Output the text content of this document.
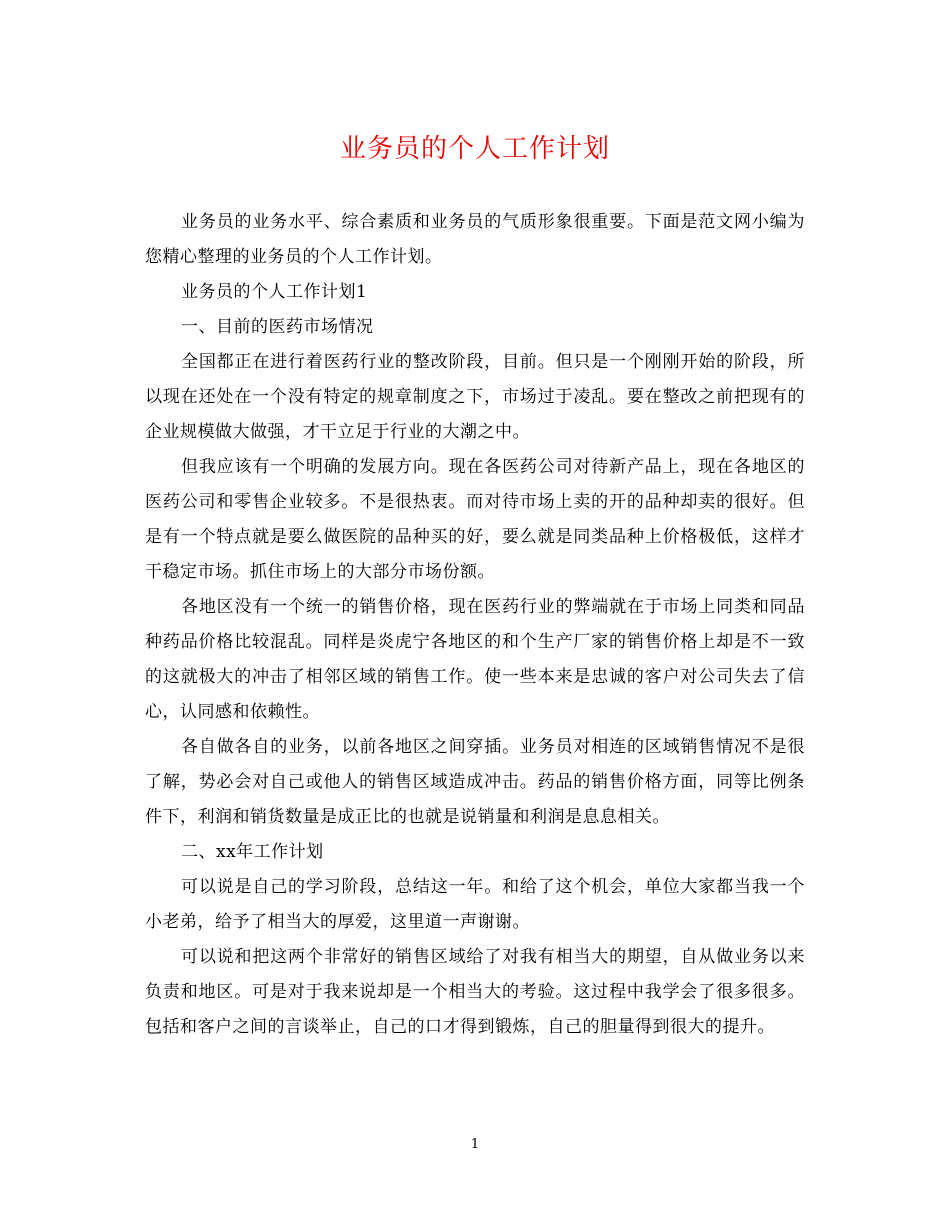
业务员的个人工作计划

业务员的业务水平、综合素质和业务员的气质形象很重要。下面是范文网小编为您精心整理的业务员的个人工作计划。

业务员的个人工作计划1

一、目前的医药市场情况

全国都正在进行着医药行业的整改阶段，目前。但只是一个刚刚开始的阶段，所以现在还处在一个没有特定的规章制度之下，市场过于凌乱。要在整改之前把现有的企业规模做大做强，才干立足于行业的大潮之中。

但我应该有一个明确的发展方向。现在各医药公司对待新产品上，现在各地区的医药公司和零售企业较多。不是很热衷。而对待市场上卖的开的品种却卖的很好。但是有一个特点就是要么做医院的品种买的好，要么就是同类品种上价格极低，这样才干稳定市场。抓住市场上的大部分市场份额。

各地区没有一个统一的销售价格，现在医药行业的弊端就在于市场上同类和同品种药品价格比较混乱。同样是炎虎宁各地区的和个生产厂家的销售价格上却是不一致的这就极大的冲击了相邻区域的销售工作。使一些本来是忠诚的客户对公司失去了信心，认同感和依赖性。

各自做各自的业务，以前各地区之间穿插。业务员对相连的区域销售情况不是很了解，势必会对自己或他人的销售区域造成冲击。药品的销售价格方面，同等比例条件下，利润和销货数量是成正比的也就是说销量和利润是息息相关。

二、xx年工作计划

可以说是自己的学习阶段，总结这一年。和给了这个机会，单位大家都当我一个小老弟，给予了相当大的厚爱，这里道一声谢谢。

可以说和把这两个非常好的销售区域给了对我有相当大的期望，自从做业务以来负责和地区。可是对于我来说却是一个相当大的考验。这过程中我学会了很多很多。包括和客户之间的言谈举止，自己的口才得到锻炼，自己的胆量得到很大的提升。

1
